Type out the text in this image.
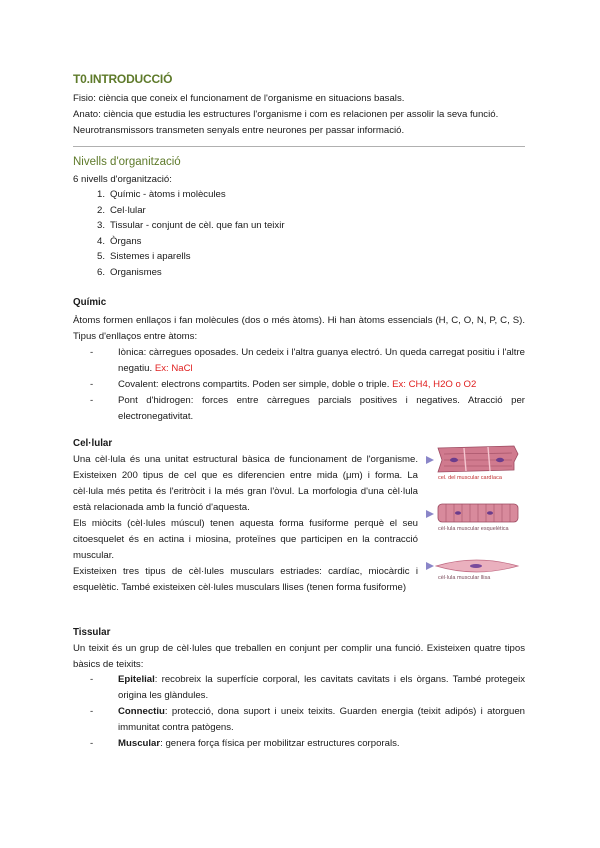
T0.INTRODUCCIÓ
Fisio: ciència que coneix el funcionament de l'organisme en situacions basals.
Anato: ciència que estudia les estructures l'organisme i com es relacionen per assolir la seva funció.
Neurotransmissors transmeten senyals entre neurones per passar informació.
Nivells d'organització
6 nivells d'organització:
1. Químic - àtoms i molècules
2. Cel·lular
3. Tissular - conjunt de cèl. que fan un teixir
4. Òrgans
5. Sistemes i aparells
6. Organismes
Químic

Àtoms formen enllaços i fan molècules (dos o més àtoms). Hi han àtoms essencials (H, C, O, N, P, C, S). Tipus d'enllaços entre àtoms:

-	Iònica: càrregues oposades. Un cedeix i l'altra guanya electró. Un queda carregat positiu i l'altre negatiu. Ex: NaCl
-	Covalent: electrons compartits. Poden ser simple, doble o triple. Ex: CH4, H2O o O2
-	Pont d'hidrogen: forces entre càrregues parcials positives i negatives. Atracció per electronegativitat.
Cel·lular

Una cèl·lula és una unitat estructural bàsica de funcionament de l'organisme. Existeixen 200 tipus de cel que es diferencien entre mida (μm) i forma. La cèl·lula més petita és l'eritròcit i la més gran l'òvul. La morfologia d'una cèl·lula està relacionada amb la funció d'aquesta.

Els miòcits (cèl·lules múscul) tenen aquesta forma fusiforme perquè el seu citoesquelet és en actina i miosina, proteïnes que participen en la contracció muscular.

Existeixen tres tipus de cèl·lules musculars estriades: cardíac, miocàrdic i esquelètic. També existeixen cèl·lules musculars llises (tenen forma fusiforme)

cel. del muscular cardíaca
cèl·lula muscular esquelètica
cèl·lula muscular llisa
Tissular

Un teixit és un grup de cèl·lules que treballen en conjunt per complir una funció. Existeixen quatre tipos bàsics de teixits:

-	Epitelial: recobreix la superfície corporal, les cavitats cavitats i els òrgans. També protegeix origina les glàndules.
-	Connectiu: protecció, dona suport i uneix teixits. Guarden energia (teixit adipós) i atorguen immunitat contra patògens.
-	Muscular: genera força física per mobilitzar estructures corporals.
